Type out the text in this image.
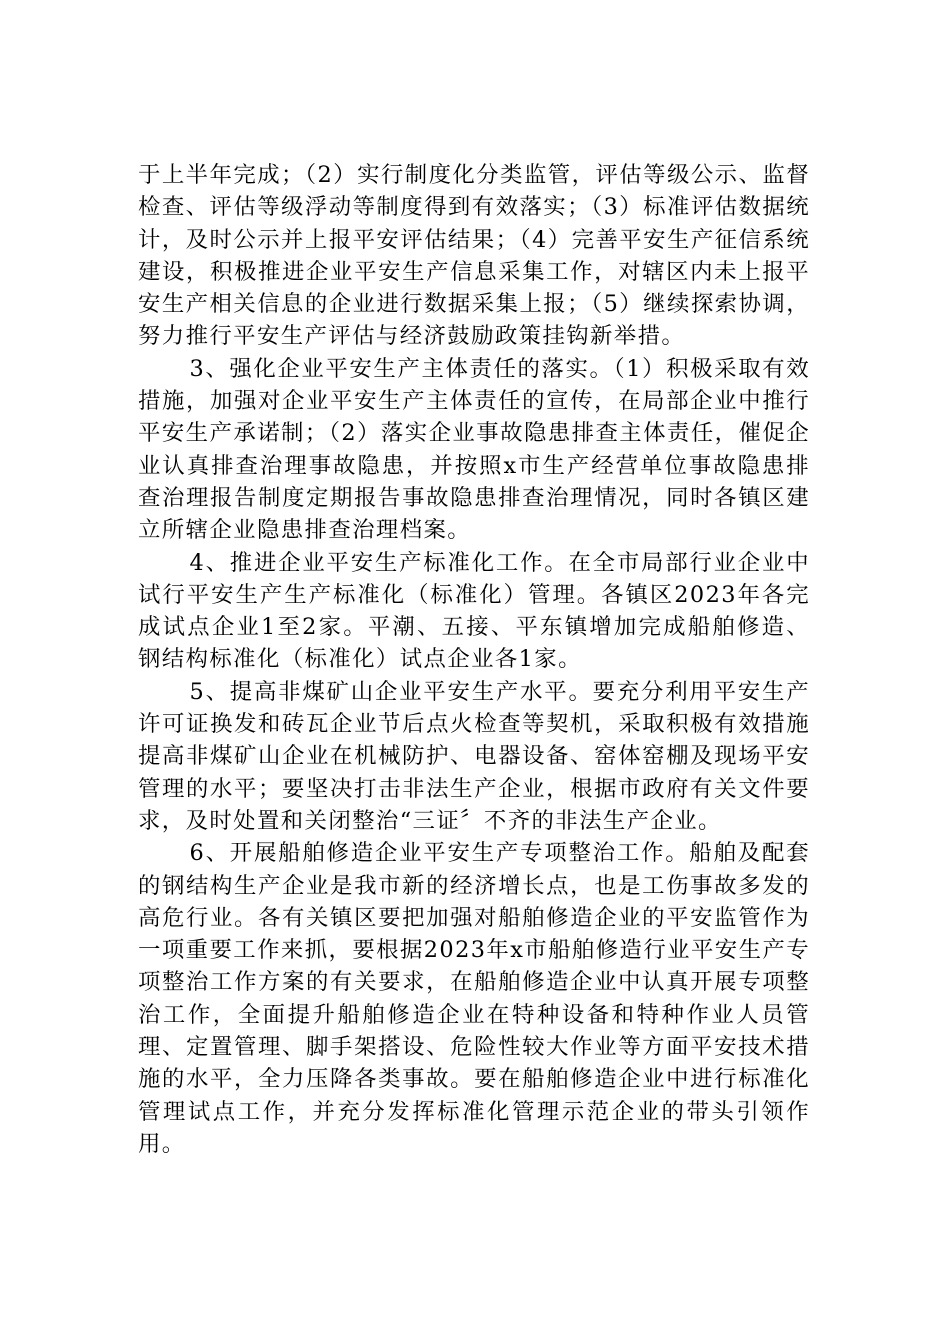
于上半年完成；（2）实行制度化分类监管，评估等级公示、监督检查、评估等级浮动等制度得到有效落实；（3）标准评估数据统计，及时公示并上报平安评估结果；（4）完善平安生产征信系统建设，积极推进企业平安生产信息采集工作，对辖区内未上报平安生产相关信息的企业进行数据采集上报；（5）继续探索协调，努力推行平安生产评估与经济鼓励政策挂钩新举措。

3、强化企业平安生产主体责任的落实。（1）积极采取有效措施，加强对企业平安生产主体责任的宣传，在局部企业中推行平安生产承诺制；（2）落实企业事故隐患排查主体责任，催促企业认真排查治理事故隐患，并按照x市生产经营单位事故隐患排查治理报告制度定期报告事故隐患排查治理情况，同时各镇区建立所辖企业隐患排查治理档案。

4、推进企业平安生产标准化工作。在全市局部行业企业中试行平安生产生产标准化（标准化）管理。各镇区2023年各完成试点企业1至2家。平潮、五接、平东镇增加完成船舶修造、钢结构标准化（标准化）试点企业各1家。

5、提高非煤矿山企业平安生产水平。要充分利用平安生产许可证换发和砖瓦企业节后点火检查等契机，采取积极有效措施提高非煤矿山企业在机械防护、电器设备、窑体窑棚及现场平安管理的水平；要坚决打击非法生产企业，根据市政府有关文件要求，及时处置和关闭整治“三证〞不齐的非法生产企业。

6、开展船舶修造企业平安生产专项整治工作。船舶及配套的钢结构生产企业是我市新的经济增长点，也是工伤事故多发的高危行业。各有关镇区要把加强对船舶修造企业的平安监管作为一项重要工作来抓，要根据2023年x市船舶修造行业平安生产专项整治工作方案的有关要求，在船舶修造企业中认真开展专项整治工作，全面提升船舶修造企业在特种设备和特种作业人员管理、定置管理、脚手架搭设、危险性较大作业等方面平安技术措施的水平，全力压降各类事故。要在船舶修造企业中进行标准化管理试点工作，并充分发挥标准化管理示范企业的带头引领作用。
